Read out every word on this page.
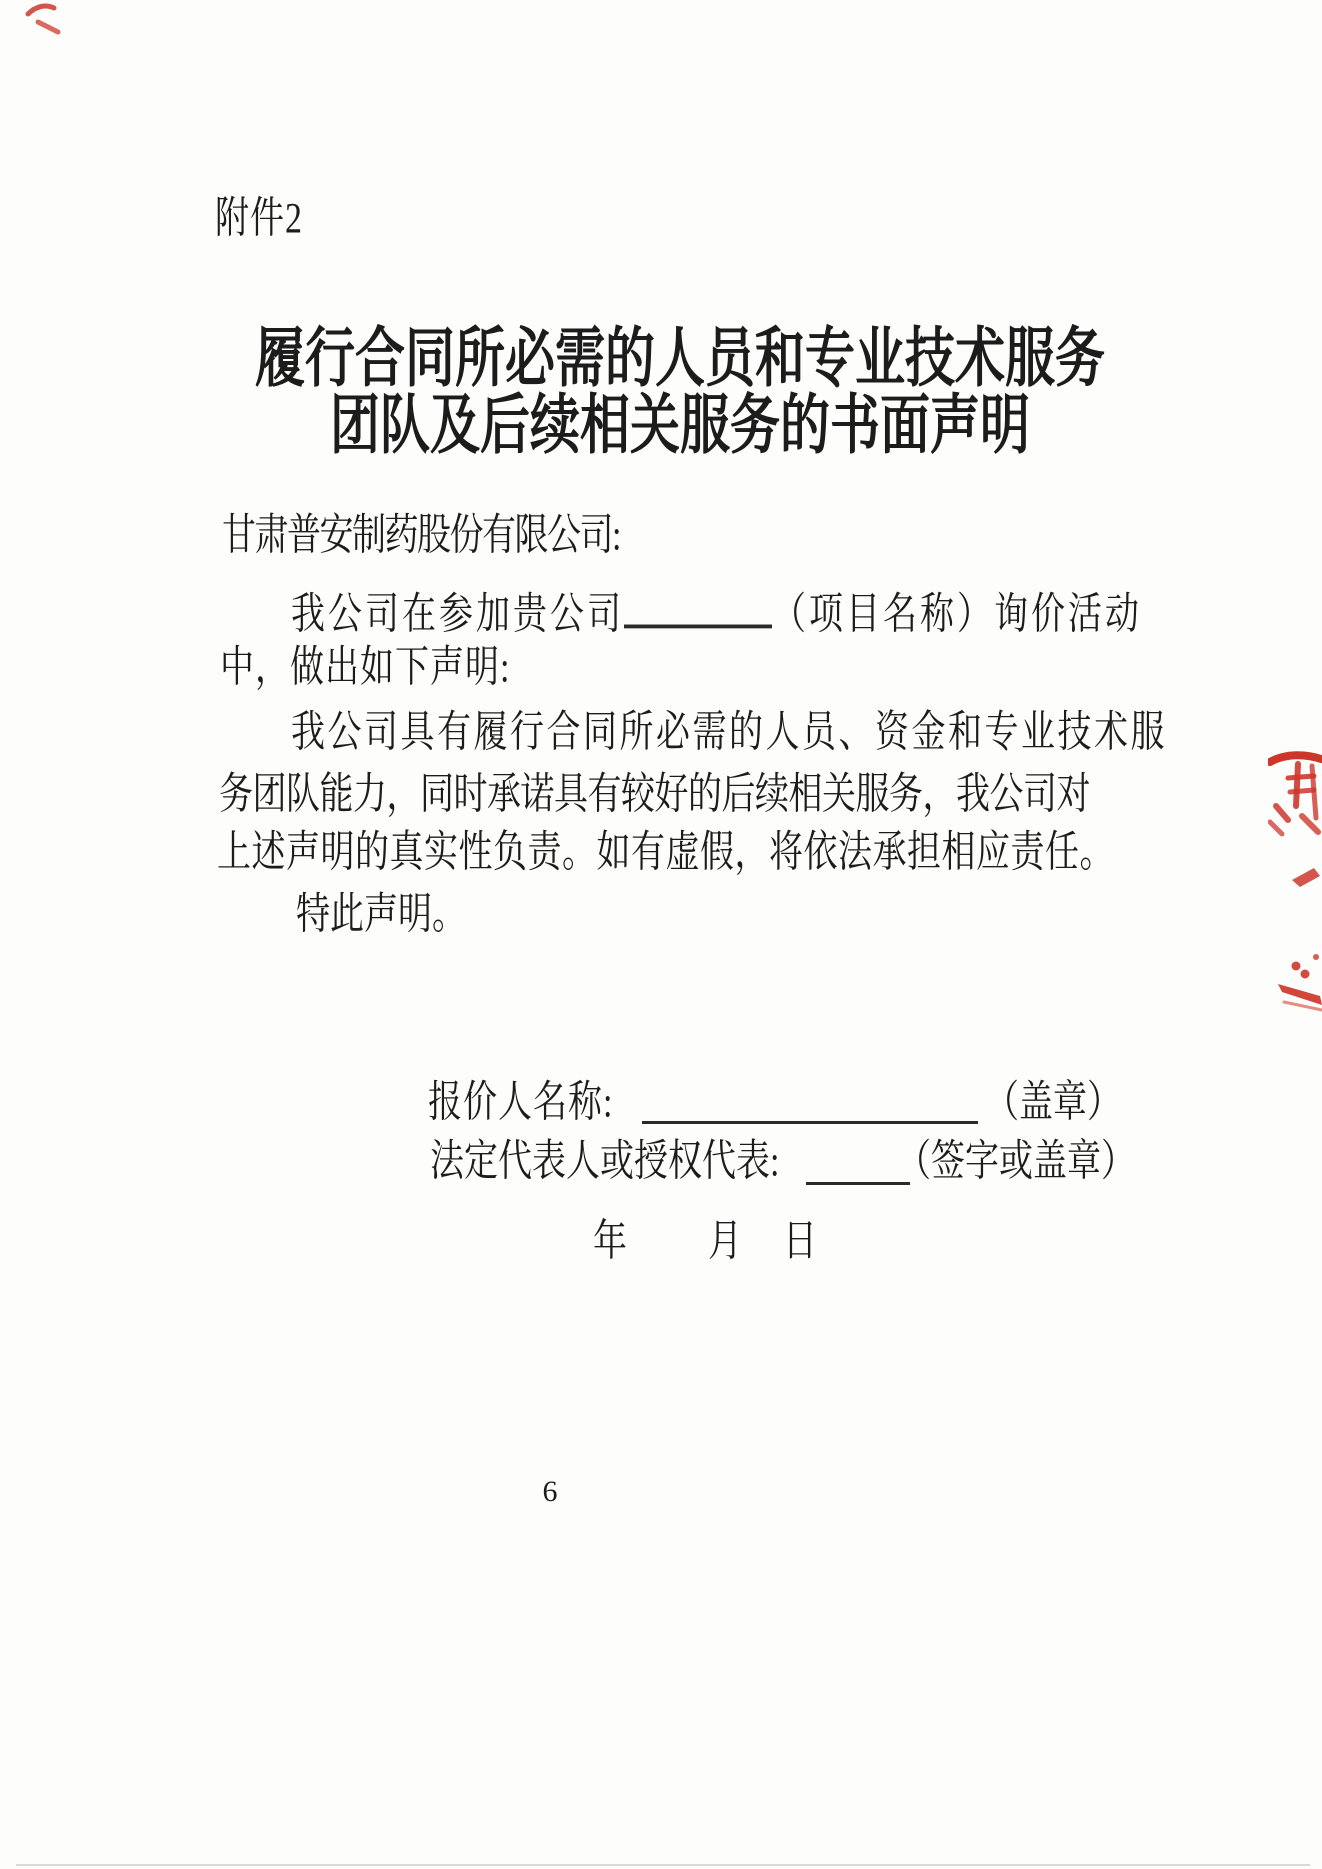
附件2
履行合同所必需的人员和专业技术服务
团队及后续相关服务的书面声明
甘肃普安制药股份有限公司:
我公司在参加贵公司	（项目名称）询价活动
中，做出如下声明:
我公司具有履行合同所必需的人员、资金和专业技术服
务团队能力，同时承诺具有较好的后续相关服务，我公司对
上述声明的真实性负责。如有虚假，将依法承担相应责任。
特此声明。
报价人名称:	（盖章）
法定代表人或授权代表:	（签字或盖章）
年 月 日
6
